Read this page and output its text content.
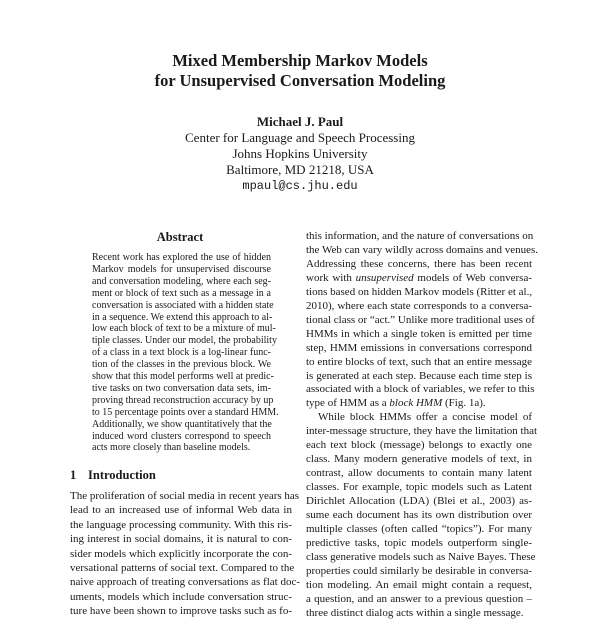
Mixed Membership Markov Models
for Unsupervised Conversation Modeling
Michael J. Paul
Center for Language and Speech Processing
Johns Hopkins University
Baltimore, MD 21218, USA
mpaul@cs.jhu.edu
Abstract
Recent work has explored the use of hidden
Markov models for unsupervised discourse
and conversation modeling, where each seg-
ment or block of text such as a message in a
conversation is associated with a hidden state
in a sequence. We extend this approach to al-
low each block of text to be a mixture of mul-
tiple classes. Under our model, the probability
of a class in a text block is a log-linear func-
tion of the classes in the previous block. We
show that this model performs well at predic-
tive tasks on two conversation data sets, im-
proving thread reconstruction accuracy by up
to 15 percentage points over a standard HMM.
Additionally, we show quantitatively that the
induced word clusters correspond to speech
acts more closely than baseline models.
1 Introduction
The proliferation of social media in recent years has
lead to an increased use of informal Web data in
the language processing community. With this ris-
ing interest in social domains, it is natural to con-
sider models which explicitly incorporate the con-
versational patterns of social text. Compared to the
naive approach of treating conversations as flat doc-
uments, models which include conversation struc-
ture have been shown to improve tasks such as fo-
this information, and the nature of conversations on
the Web can vary wildly across domains and venues.
Addressing these concerns, there has been recent
work with unsupervised models of Web conversa-
tions based on hidden Markov models (Ritter et al.,
2010), where each state corresponds to a conversa-
tional class or “act.” Unlike more traditional uses of
HMMs in which a single token is emitted per time
step, HMM emissions in conversations correspond
to entire blocks of text, such that an entire message
is generated at each step. Because each time step is
associated with a block of variables, we refer to this
type of HMM as a block HMM (Fig. 1a).
While block HMMs offer a concise model of
inter-message structure, they have the limitation that
each text block (message) belongs to exactly one
class. Many modern generative models of text, in
contrast, allow documents to contain many latent
classes. For example, topic models such as Latent
Dirichlet Allocation (LDA) (Blei et al., 2003) as-
sume each document has its own distribution over
multiple classes (often called “topics”). For many
predictive tasks, topic models outperform single-
class generative models such as Naive Bayes. These
properties could similarly be desirable in conversa-
tion modeling. An email might contain a request,
a question, and an answer to a previous question –
three distinct dialog acts within a single message.
